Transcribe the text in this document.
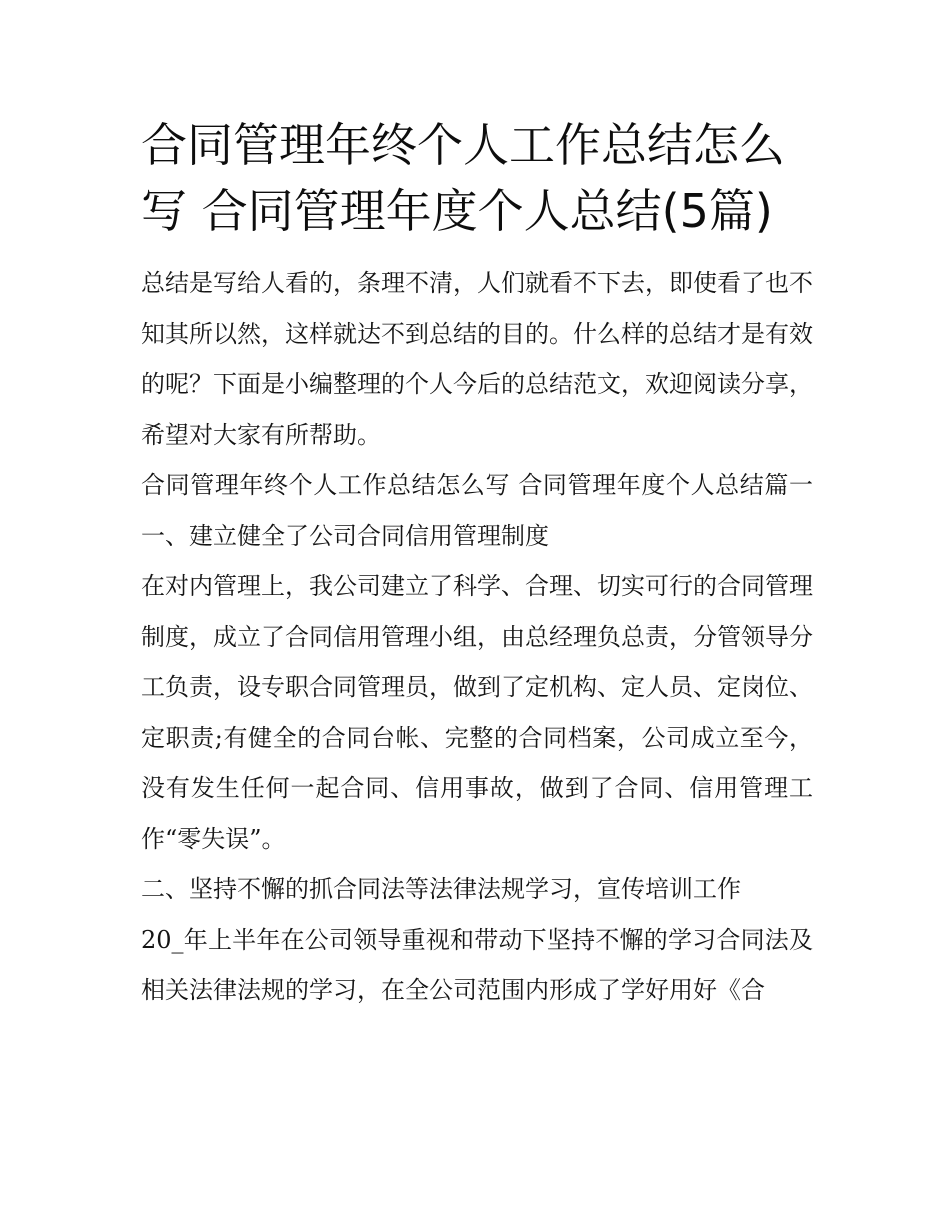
合同管理年终个人工作总结怎么写 合同管理年度个人总结(5篇)

总结是写给人看的，条理不清，人们就看不下去，即使看了也不知其所以然，这样就达不到总结的目的。什么样的总结才是有效的呢？下面是小编整理的个人今后的总结范文，欢迎阅读分享，希望对大家有所帮助。

合同管理年终个人工作总结怎么写 合同管理年度个人总结篇一 一、建立健全了公司合同信用管理制度

在对内管理上，我公司建立了科学、合理、切实可行的合同管理制度，成立了合同信用管理小组，由总经理负总责，分管领导分工负责，设专职合同管理员，做到了定机构、定人员、定岗位、定职责;有健全的合同台帐、完整的合同档案，公司成立至今，没有发生任何一起合同、信用事故，做到了合同、信用管理工作“零失误”。

二、坚持不懈的抓合同法等法律法规学习，宣传培训工作

20_年上半年在公司领导重视和带动下坚持不懈的学习合同法及相关法律法规的学习，在全公司范围内形成了学好用好《合
